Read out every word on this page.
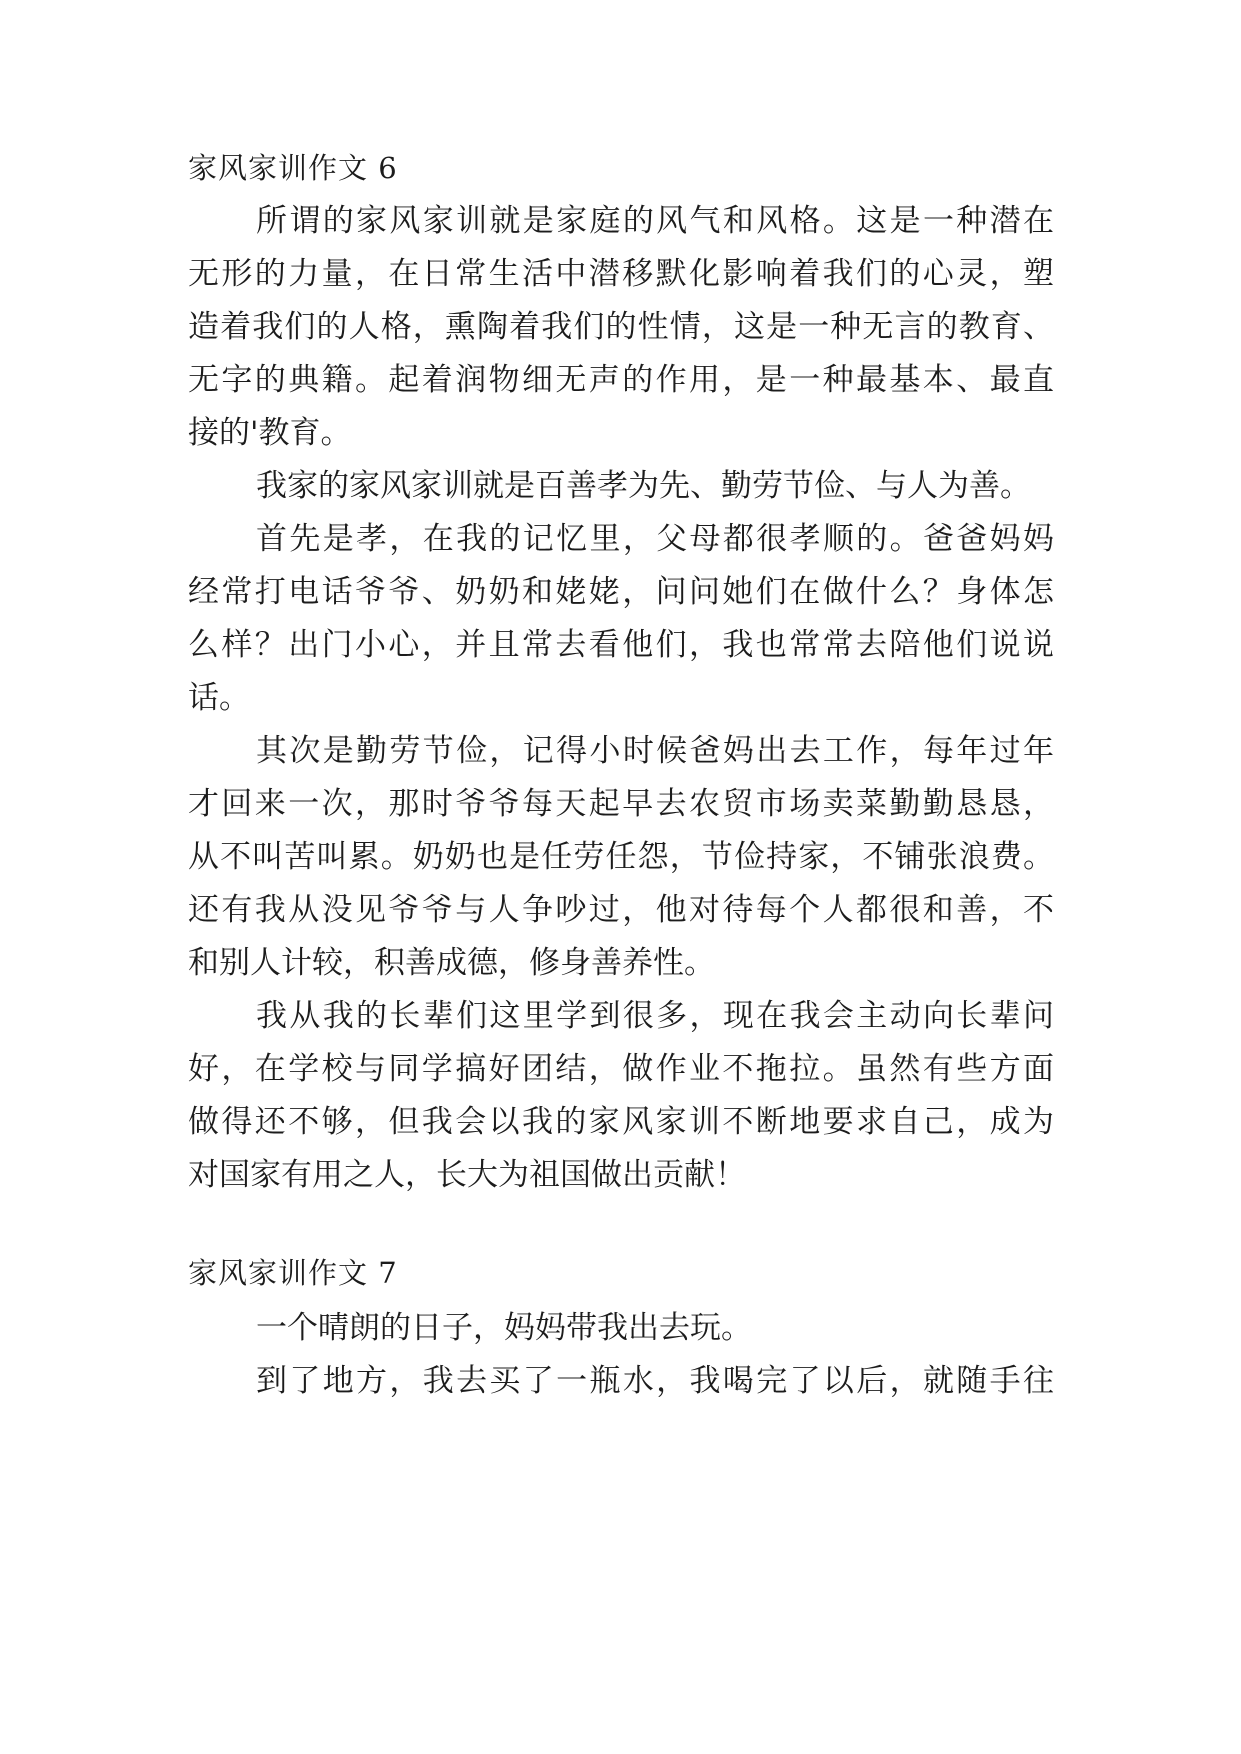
家风家训作文 6
所谓的家风家训就是家庭的风气和风格。这是一种潜在
无形的力量，在日常生活中潜移默化影响着我们的心灵，塑
造着我们的人格，熏陶着我们的性情，这是一种无言的教育、
无字的典籍。起着润物细无声的作用，是一种最基本、最直
接的'教育。
我家的家风家训就是百善孝为先、勤劳节俭、与人为善。
首先是孝，在我的记忆里，父母都很孝顺的。爸爸妈妈
经常打电话爷爷、奶奶和姥姥，问问她们在做什么？身体怎
么样？出门小心，并且常去看他们，我也常常去陪他们说说
话。
其次是勤劳节俭，记得小时候爸妈出去工作，每年过年
才回来一次，那时爷爷每天起早去农贸市场卖菜勤勤恳恳，
从不叫苦叫累。奶奶也是任劳任怨，节俭持家，不铺张浪费。
还有我从没见爷爷与人争吵过，他对待每个人都很和善，不
和别人计较，积善成德，修身善养性。
我从我的长辈们这里学到很多，现在我会主动向长辈问
好，在学校与同学搞好团结，做作业不拖拉。虽然有些方面
做得还不够，但我会以我的家风家训不断地要求自己，成为
对国家有用之人，长大为祖国做出贡献！
家风家训作文 7
一个晴朗的日子，妈妈带我出去玩。
到了地方，我去买了一瓶水，我喝完了以后，就随手往
